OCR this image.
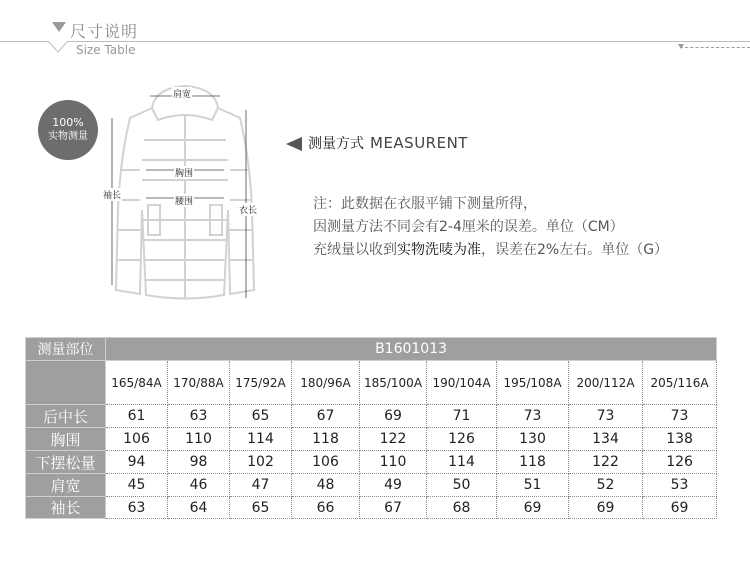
尺寸说明
Size Table
100%
实物测量
肩宽
胸围
腰围
袖长
衣长
测量方式 MEASURENT
注：此数据在衣服平铺下测量所得，
因测量方法不同会有2-4厘米的误差。单位（CM）
充绒量以收到实物洗唛为准，误差在2%左右。单位（G）
测量部位	B1601013								
	165/84A	170/88A	175/92A	180/96A	185/100A	190/104A	195/108A	200/112A	205/116A
后中长	61	63	65	67	69	71	73	73	73
胸围	106	110	114	118	122	126	130	134	138
下摆松量	94	98	102	106	110	114	118	122	126
肩宽	45	46	47	48	49	50	51	52	53
袖长	63	64	65	66	67	68	69	69	69
